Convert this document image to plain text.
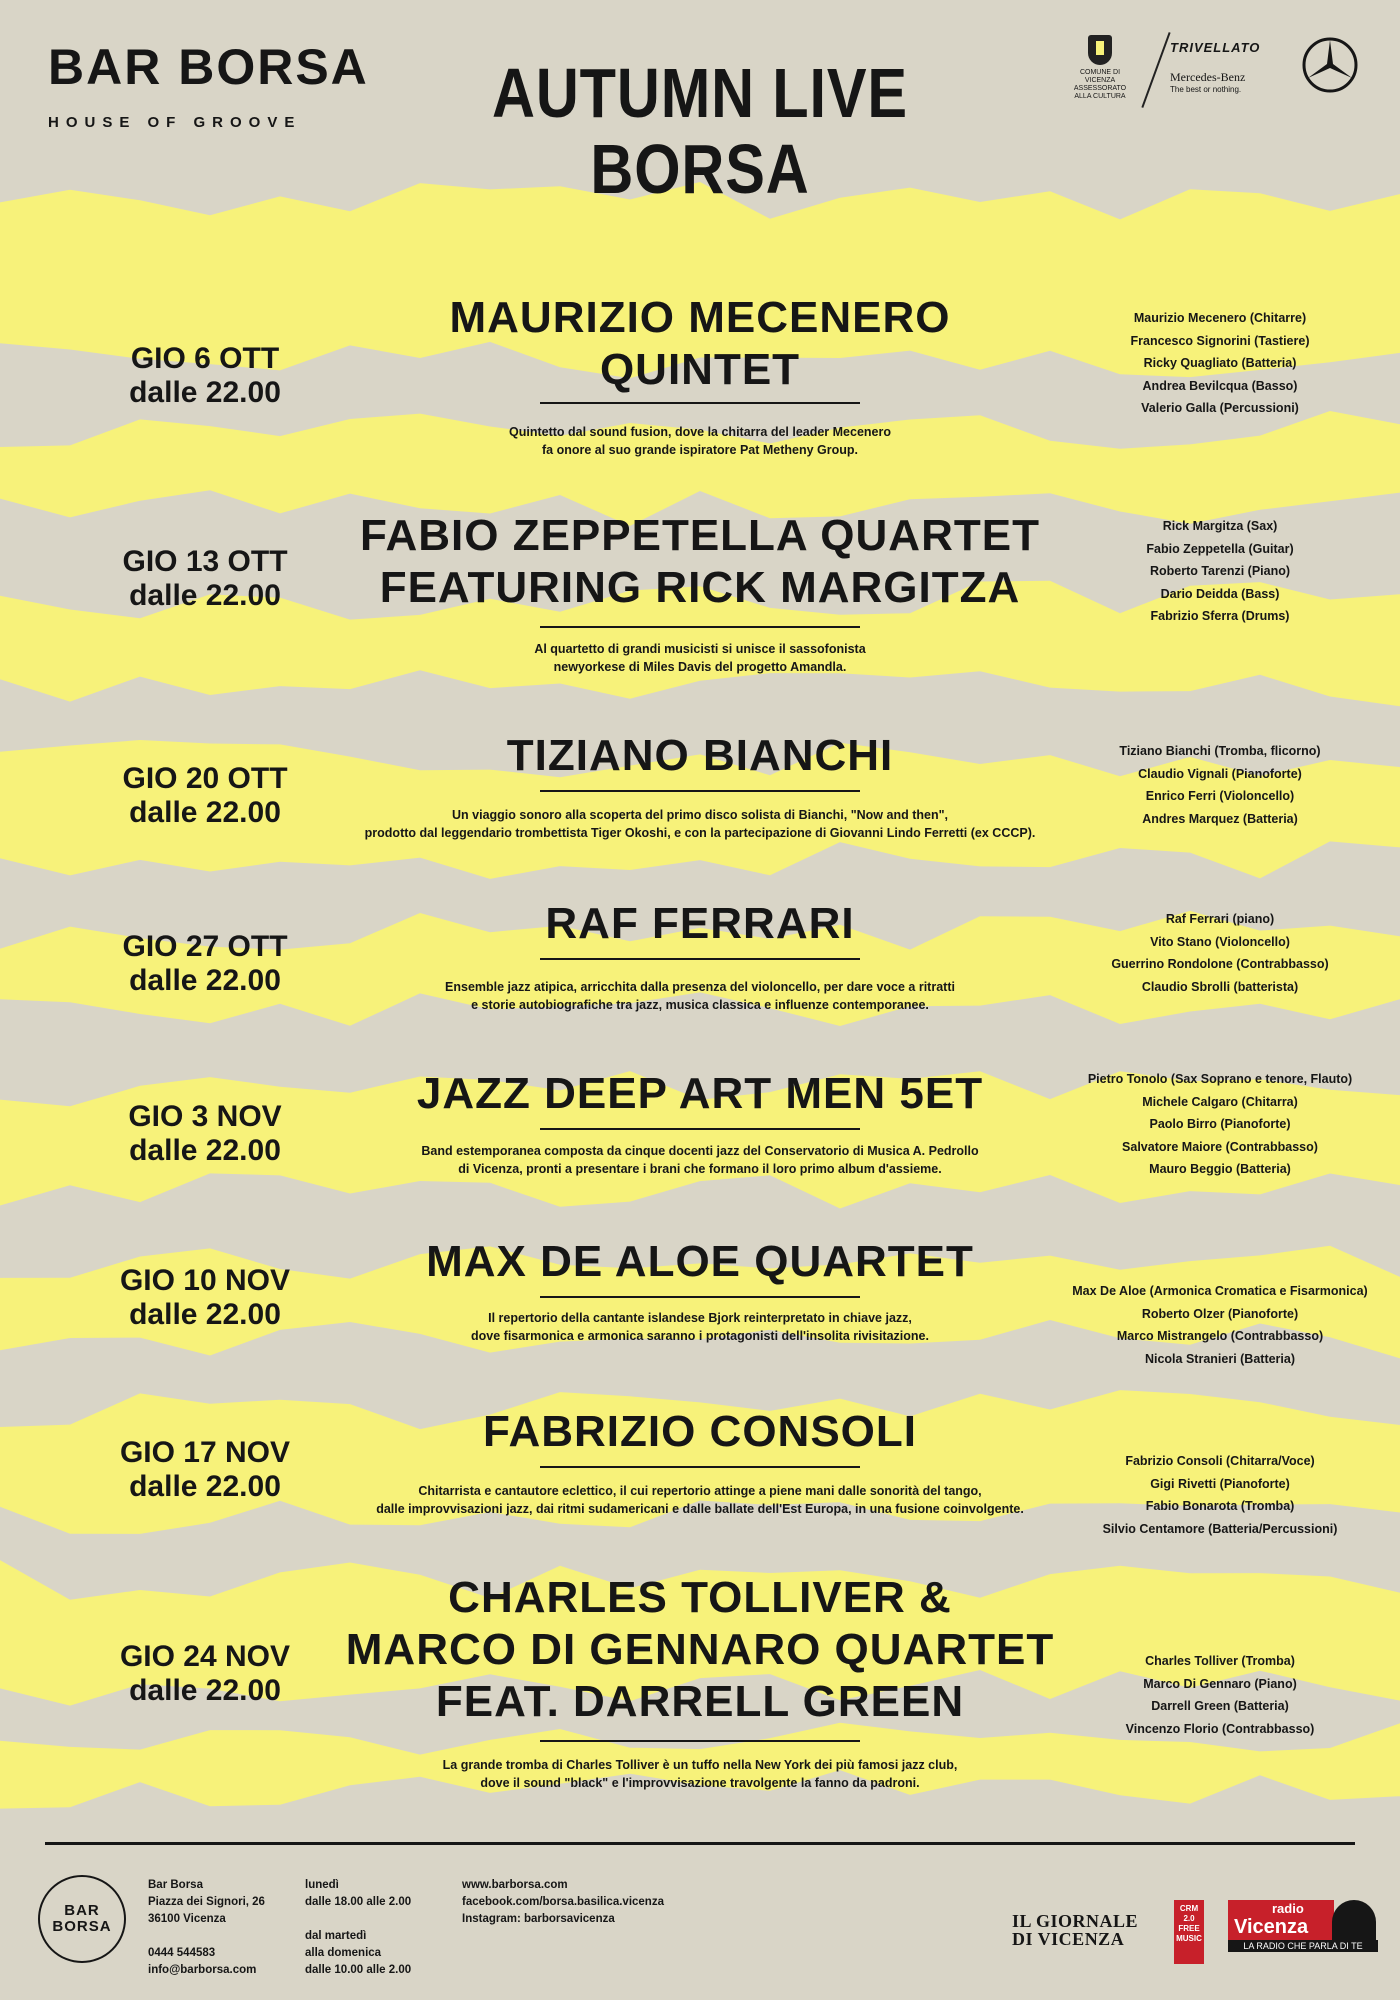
BAR BORSA
HOUSE OF GROOVE	AUTUMN LIVE
BORSA
COMUNE DI VICENZA
ASSESSORATO ALLA CULTURA
TRIVELLATO
Mercedes-Benz
The best or nothing.
GIO 6 OTT
dalle 22.00
MAURIZIO MECENERO
QUINTET
Quintetto dal sound fusion, dove la chitarra del leader Mecenero
fa onore al suo grande ispiratore Pat Metheny Group.
Maurizio Mecenero (Chitarre)
Francesco Signorini (Tastiere)
Ricky Quagliato (Batteria)
Andrea Bevilcqua (Basso)
Valerio Galla (Percussioni)
GIO 13 OTT
dalle 22.00
FABIO ZEPPETELLA QUARTET
FEATURING RICK MARGITZA
Al quartetto di grandi musicisti si unisce il sassofonista
newyorkese di Miles Davis del progetto Amandla.
Rick Margitza (Sax)
Fabio Zeppetella (Guitar)
Roberto Tarenzi (Piano)
Dario Deidda (Bass)
Fabrizio Sferra (Drums)
GIO 20 OTT
dalle 22.00
TIZIANO BIANCHI
Un viaggio sonoro alla scoperta del primo disco solista di Bianchi, "Now and then",
prodotto dal leggendario trombettista Tiger Okoshi, e con la partecipazione di Giovanni Lindo Ferretti (ex CCCP).
Tiziano Bianchi (Tromba, flicorno)
Claudio Vignali (Pianoforte)
Enrico Ferri (Violoncello)
Andres Marquez (Batteria)
GIO 27 OTT
dalle 22.00
RAF FERRARI
Ensemble jazz atipica, arricchita dalla presenza del violoncello, per dare voce a ritratti
e storie autobiografiche tra jazz, musica classica e influenze contemporanee.
Raf Ferrari (piano)
Vito Stano (Violoncello)
Guerrino Rondolone (Contrabbasso)
Claudio Sbrolli (batterista)
GIO 3 NOV
dalle 22.00
JAZZ DEEP ART MEN 5ET
Band estemporanea composta da cinque docenti jazz del Conservatorio di Musica A. Pedrollo
di Vicenza, pronti a presentare i brani che formano il loro primo album d'assieme.
Pietro Tonolo (Sax Soprano e tenore, Flauto)
Michele Calgaro (Chitarra)
Paolo Birro (Pianoforte)
Salvatore Maiore (Contrabbasso)
Mauro Beggio (Batteria)
GIO 10 NOV
dalle 22.00
MAX DE ALOE QUARTET
Il repertorio della cantante islandese Bjork reinterpretato in chiave jazz,
dove fisarmonica e armonica saranno i protagonisti dell'insolita rivisitazione.
Max De Aloe (Armonica Cromatica e Fisarmonica)
Roberto Olzer (Pianoforte)
Marco Mistrangelo (Contrabbasso)
Nicola Stranieri (Batteria)
GIO 17 NOV
dalle 22.00
FABRIZIO CONSOLI
Chitarrista e cantautore eclettico, il cui repertorio attinge a piene mani dalle sonorità del tango,
dalle improvvisazioni jazz, dai ritmi sudamericani e dalle ballate dell'Est Europa, in una fusione coinvolgente.
Fabrizio Consoli (Chitarra/Voce)
Gigi Rivetti (Pianoforte)
Fabio Bonarota (Tromba)
Silvio Centamore (Batteria/Percussioni)
GIO 24 NOV
dalle 22.00
CHARLES TOLLIVER &
MARCO DI GENNARO QUARTET
FEAT. DARRELL GREEN
La grande tromba di Charles Tolliver è un tuffo nella New York dei più famosi jazz club,
dove il sound "black" e l'improvvisazione travolgente la fanno da padroni.
Charles Tolliver (Tromba)
Marco Di Gennaro (Piano)
Darrell Green (Batteria)
Vincenzo Florio (Contrabbasso)
BAR
BORSA
Bar Borsa
Piazza dei Signori, 26
36100 Vicenza
0444 544583
info@barborsa.com
lunedì
dalle 18.00 alle 2.00
dal martedì
alla domenica
dalle 10.00 alle 2.00
www.barborsa.com
facebook.com/borsa.basilica.vicenza
Instagram: barborsavicenza	IL GIORNALE
DI VICENZA
CRM
2.0
FREE
MUSIC
radio
Vicenza
LA RADIO CHE PARLA DI TE
